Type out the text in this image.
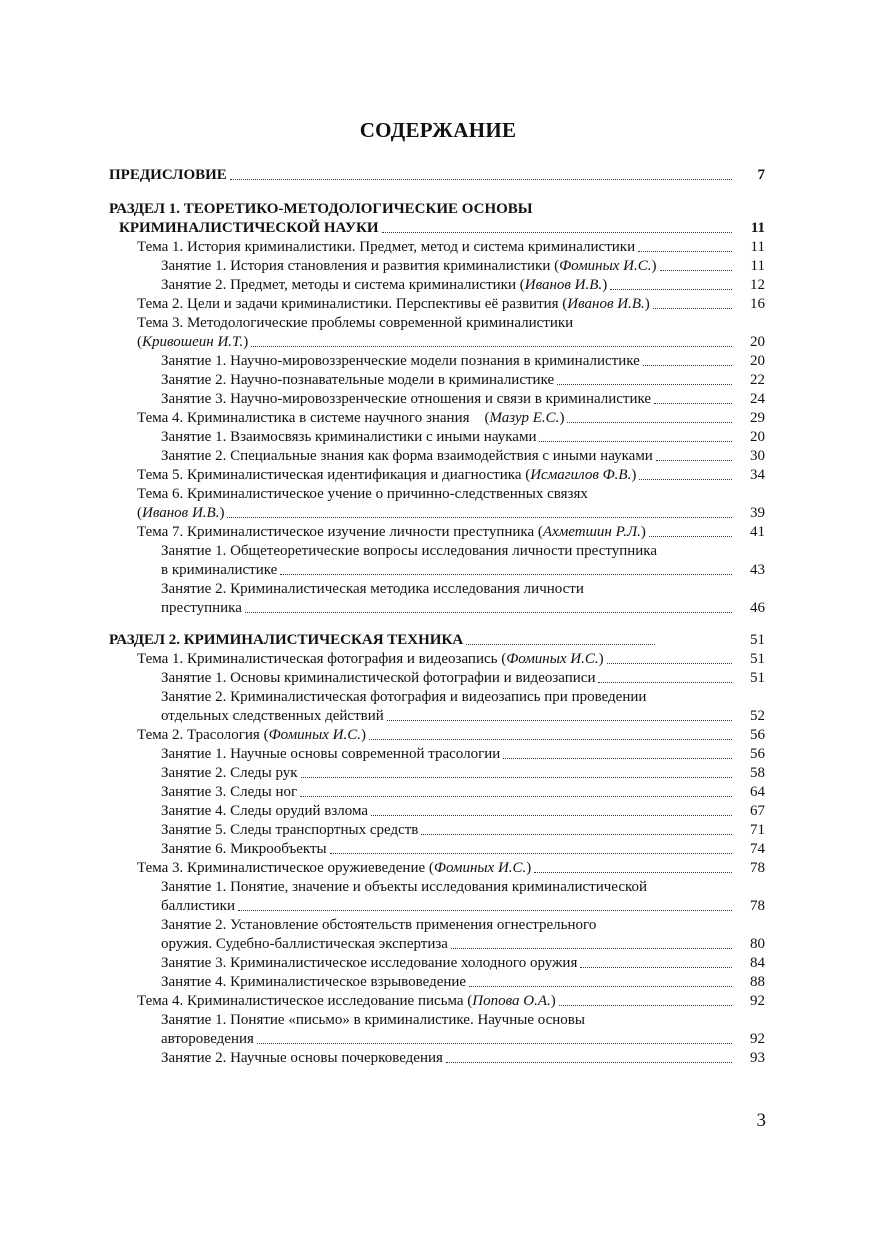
СОДЕРЖАНИЕ
ПРЕДИСЛОВИЕ	7
РАЗДЕЛ 1. ТЕОРЕТИКО-МЕТОДОЛОГИЧЕСКИЕ ОСНОВЫ
КРИМИНАЛИСТИЧЕСКОЙ НАУКИ	11
Тема 1. История криминалистики. Предмет, метод и система криминалистики	11
Занятие 1. История становления и развития криминалистики (Фоминых И.С.)	11
Занятие 2. Предмет, методы и система криминалистики (Иванов И.В.)	12
Тема 2. Цели и задачи криминалистики. Перспективы её развития (Иванов И.В.)	16
Тема 3. Методологические проблемы современной криминалистики
(Кривошеин И.Т.)	20
Занятие 1. Научно-мировоззренческие модели познания в криминалистике	20
Занятие 2. Научно-познавательные модели в криминалистике	22
Занятие 3. Научно-мировоззренческие отношения и связи в криминалистике	24
Тема 4. Криминалистика в системе научного знания    (Мазур Е.С.)	29
Занятие 1. Взаимосвязь криминалистики с иными науками	20
Занятие 2. Специальные знания как форма взаимодействия с иными науками	30
Тема 5. Криминалистическая идентификация и диагностика (Исмагилов Ф.В.)	34
Тема 6. Криминалистическое учение о причинно-следственных связях
(Иванов И.В.)	39
Тема 7. Криминалистическое изучение личности преступника (Ахметшин Р.Л.)	41
Занятие 1. Общетеоретические вопросы исследования личности преступника
в криминалистике	43
Занятие 2. Криминалистическая методика исследования личности
преступника	46
РАЗДЕЛ 2. КРИМИНАЛИСТИЧЕСКАЯ ТЕХНИКА	51
Тема 1. Криминалистическая фотография и видеозапись (Фоминых И.С.)	51
Занятие 1. Основы криминалистической фотографии и видеозаписи	51
Занятие 2. Криминалистическая фотография и видеозапись при проведении
отдельных следственных действий	52
Тема 2. Трасология (Фоминых И.С.)	56
Занятие 1. Научные основы современной трасологии	56
Занятие 2. Следы рук	58
Занятие 3. Следы ног	64
Занятие 4. Следы орудий взлома	67
Занятие 5. Следы транспортных средств	71
Занятие 6. Микрообъекты	74
Тема 3. Криминалистическое оружиеведение (Фоминых И.С.)	78
Занятие 1. Понятие, значение и объекты исследования криминалистической
баллистики	78
Занятие 2. Установление обстоятельств применения огнестрельного
оружия. Судебно-баллистическая экспертиза	80
Занятие 3. Криминалистическое исследование холодного оружия	84
Занятие 4. Криминалистическое взрывоведение	88
Тема 4. Криминалистическое исследование письма (Попова О.А.)	92
Занятие 1. Понятие «письмо» в криминалистике. Научные основы
автороведения	92
Занятие 2. Научные основы почерковедения	93
3
